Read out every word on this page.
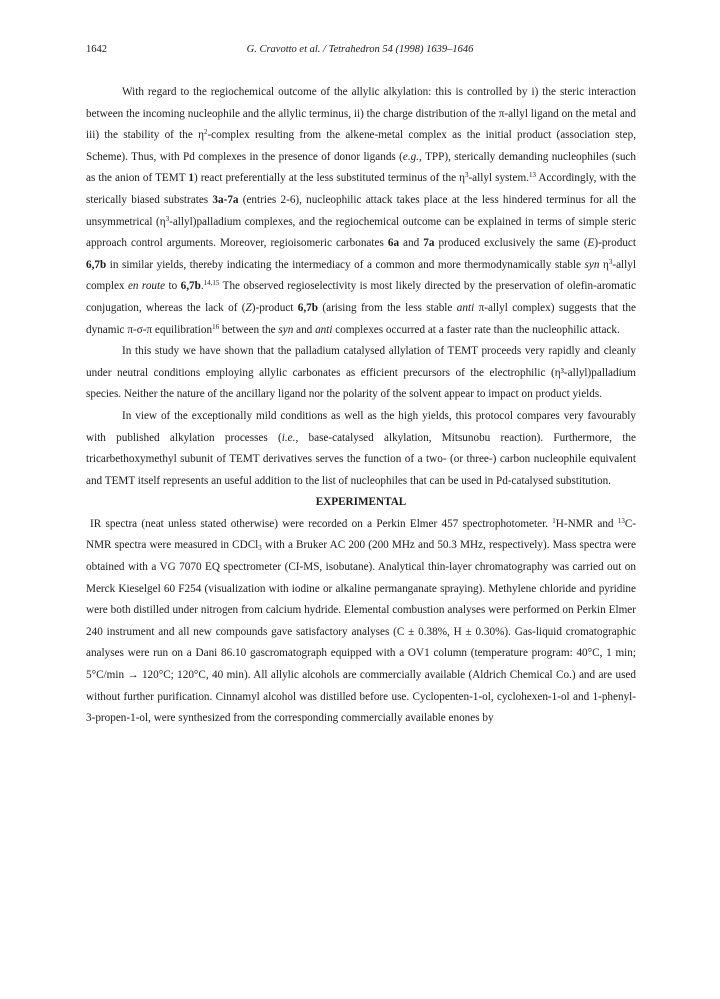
1642	G. Cravotto et al. / Tetrahedron 54 (1998) 1639–1646

With regard to the regiochemical outcome of the allylic alkylation: this is controlled by i) the steric interaction between the incoming nucleophile and the allylic terminus, ii) the charge distribution of the π-allyl ligand on the metal and iii) the stability of the $\eta^2$-complex resulting from the alkene-metal complex as the initial product (association step, Scheme). Thus, with Pd complexes in the presence of donor ligands (e.g., TPP), sterically demanding nucleophiles (such as the anion of TEMT 1) react preferentially at the less substituted terminus of the $\eta^3$-allyl system.$^{13}$ Accordingly, with the sterically biased substrates 3a-7a (entries 2-6), nucleophilic attack takes place at the less hindered terminus for all the unsymmetrical $(\eta^3-allyl)palladium$ complexes, and the regiochemical outcome can be explained in terms of simple steric approach control arguments. Moreover, regioisomeric carbonates 6a and 7a produced exclusively the same (E)-product 6,7b in similar yields, thereby indicating the intermediacy of a common and more thermodynamically stable syn $\eta^3$-allyl complex en route to 6,7b.$^{14,15}$ The observed regioselectivity is most likely directed by the preservation of olefin-aromatic conjugation, whereas the lack of (Z)-product 6,7b (arising from the less stable anti π-allyl complex) suggests that the dynamic π-σ-π equilibration$^{16}$ between the syn and anti complexes occurred at a faster rate than the nucleophilic attack.

In this study we have shown that the palladium catalysed allylation of TEMT proceeds very rapidly and cleanly under neutral conditions employing allylic carbonates as efficient precursors of the electrophilic (η³-allyl)palladium species. Neither the nature of the ancillary ligand nor the polarity of the solvent appear to impact on product yields.

In view of the exceptionally mild conditions as well as the high yields, this protocol compares very favourably with published alkylation processes (i.e., base-catalysed alkylation, Mitsunobu reaction). Furthermore, the tricarbethoxymethyl subunit of TEMT derivatives serves the function of a two- (or three-) carbon nucleophile equivalent and TEMT itself represents an useful addition to the list of nucleophiles that can be used in Pd-catalysed substitution.

EXPERIMENTAL

IR spectra (neat unless stated otherwise) were recorded on a Perkin Elmer 457 spectrophotometer. $^1$H-NMR and $^{13}$C-NMR spectra were measured in CDCl$_3$ with a Bruker AC 200 (200 MHz and 50.3 MHz, respectively). Mass spectra were obtained with a VG 7070 EQ spectrometer (CI-MS, isobutane). Analytical thin-layer chromatography was carried out on Merck Kieselgel 60 F254 (visualization with iodine or alkaline permanganate spraying). Methylene chloride and pyridine were both distilled under nitrogen from calcium hydride. Elemental combustion analyses were performed on Perkin Elmer 240 instrument and all new compounds gave satisfactory analyses (C ± 0.38%, H ± 0.30%). Gas-liquid cromatographic analyses were run on a Dani 86.10 gascromatograph equipped with a OV1 column (temperature program: 40°C, 1 min; 5°C/min → 120°C; 120°C, 40 min). All allylic alcohols are commercially available (Aldrich Chemical Co.) and are used without further purification. Cinnamyl alcohol was distilled before use. Cyclopenten-1-ol, cyclohexen-1-ol and 1-phenyl-3-propen-1-ol, were synthesized from the corresponding commercially available enones by
